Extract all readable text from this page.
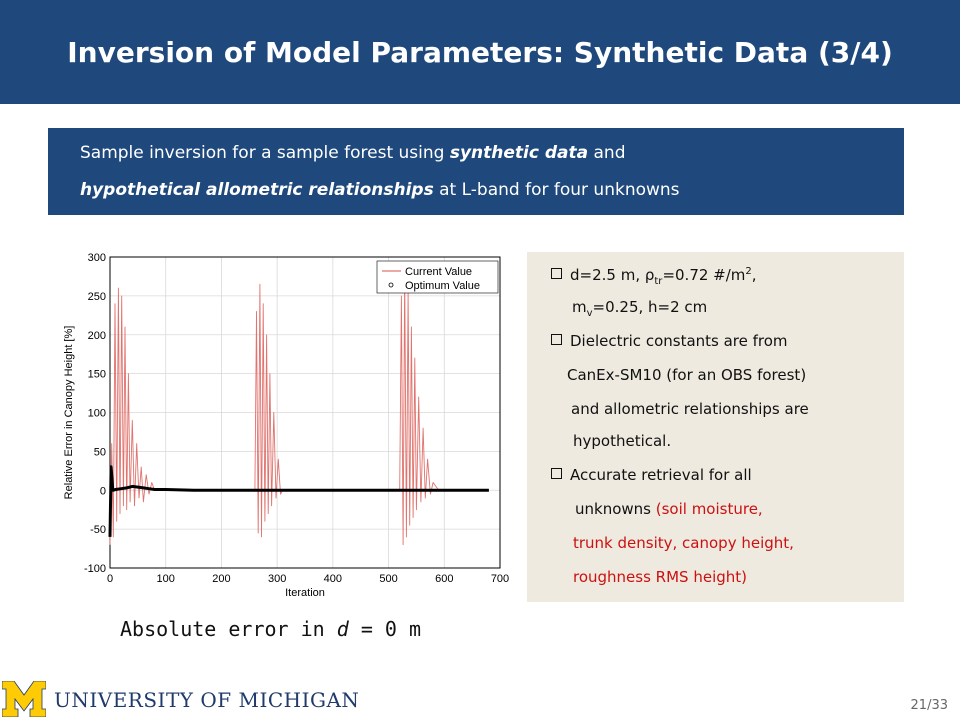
Inversion of Model Parameters: Synthetic Data (3/4)
Sample inversion for a sample forest using synthetic data and
hypothetical allometric relationships at L-band for four unknowns
0	100	200	300	400	500	600	700
-100
-50
0
50
100
150
200
250
300
Iteration
Relative Error in Canopy Height [%]
Current Value
Optimum Value
Absolute error in d = 0 m
d=2.5 m, $\rho_{tr}=0.72$ $\#/m^2$,
$m_v=0.25$, h=2 cm
Dielectric constants are from
CanEx-SM10 (for an OBS forest)
and allometric relationships are
hypothetical.
Accurate retrieval for all
unknowns (soil moisture,
trunk density, canopy height,
roughness RMS height)
UNIVERSITY OF MICHIGAN	21/33
